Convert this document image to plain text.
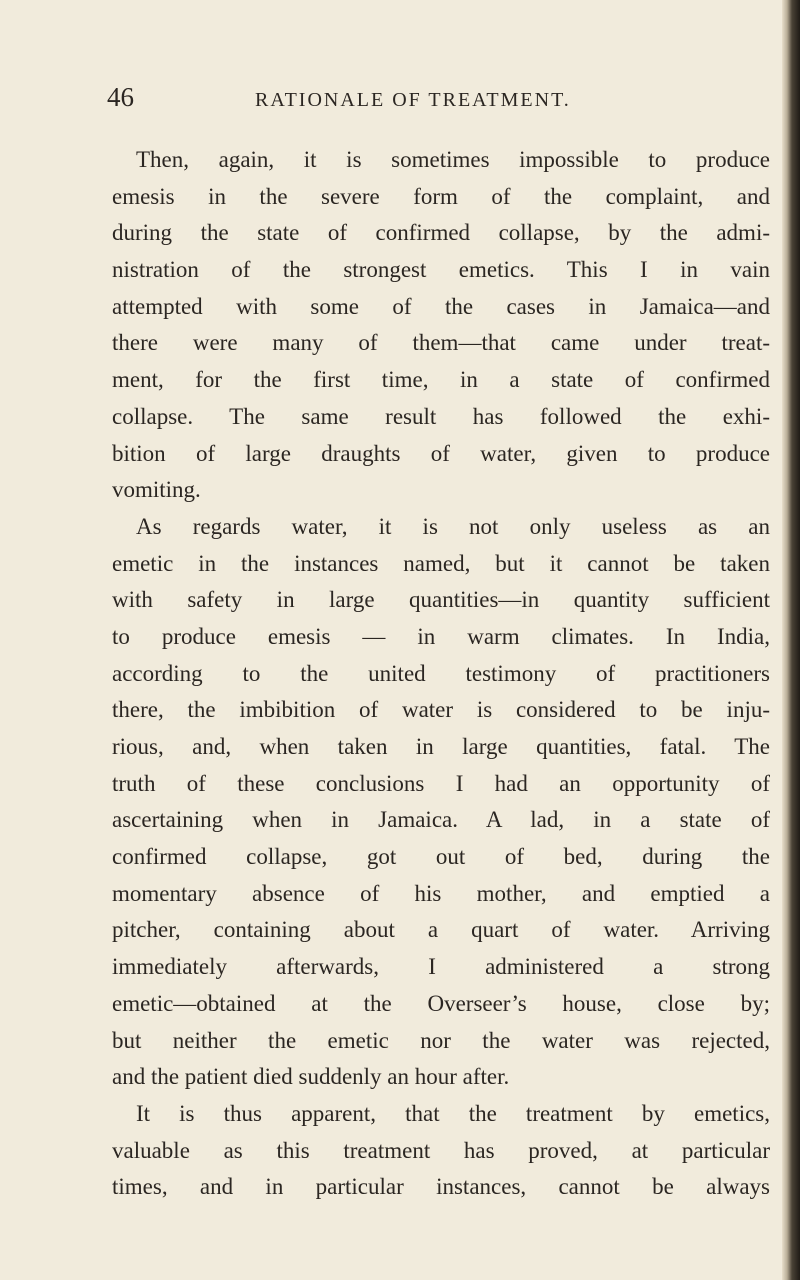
46	RATIONALE OF TREATMENT.
Then, again, it is sometimes impossible to produce
emesis in the severe form of the complaint, and
during the state of confirmed collapse, by the admi-
nistration of the strongest emetics. This I in vain
attempted with some of the cases in Jamaica—and
there were many of them—that came under treat-
ment, for the first time, in a state of confirmed
collapse. The same result has followed the exhi-
bition of large draughts of water, given to produce
vomiting.
As regards water, it is not only useless as an
emetic in the instances named, but it cannot be taken
with safety in large quantities—in quantity sufficient
to produce emesis — in warm climates. In India,
according to the united testimony of practitioners
there, the imbibition of water is considered to be inju-
rious, and, when taken in large quantities, fatal. The
truth of these conclusions I had an opportunity of
ascertaining when in Jamaica. A lad, in a state of
confirmed collapse, got out of bed, during the
momentary absence of his mother, and emptied a
pitcher, containing about a quart of water. Arriving
immediately afterwards, I administered a strong
emetic—obtained at the Overseer’s house, close by;
but neither the emetic nor the water was rejected,
and the patient died suddenly an hour after.
It is thus apparent, that the treatment by emetics,
valuable as this treatment has proved, at particular
times, and in particular instances, cannot be always
